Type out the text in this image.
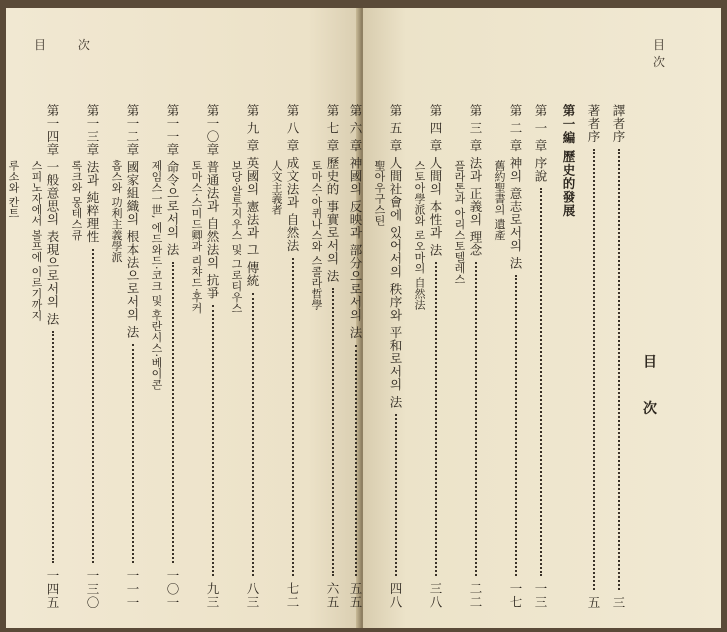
目 次
第 七 章 歷史的 事實로서의 法
六五
토마스·아퀴나스와 스콜라哲學
第 八 章 成文法과 自然法
七二
人文主義者
第 九 章 英國의 憲法과 그 傳統
八三
보당·알투지우스 및 그로티우스
第一〇章 普通法과 自然法의 抗爭
九三
토마스·스미드卿과 리챠드·후커
第一一章 命令으로서의 法
一〇一
제임스一世, 에드와드·코크 및 후란시스·베이콘
第一二章 國家組織의 根本法으로서의 法
一一一
홉스와 功利主義學派
第一三章 法과 純粹理性
一三〇
록크와 몽테스큐
第一四章 一般意思의 表現으로서의 法
一四五
스피노자에서 볼프에 이르기까지
루소와 칸트
目 次
目 次
譯者序
三
著者序
五
第一編 歷史的發展
第 一 章 序說
一三
第 二 章 神의 意志로서의 法
一七
舊約聖書의 遺產
第 三 章 法과 正義의 理念
二二
플라톤과 아리스토텔레스
第 四 章 人間의 本性과 法
三八
스토아學派와 로오마의 自然法
第 五 章 人間社會에 있어서의 秩序와 平和로서의 法
四八
聖아우구스틴
第 六 章 神國의 反映과 部分으로서의 法
五五
